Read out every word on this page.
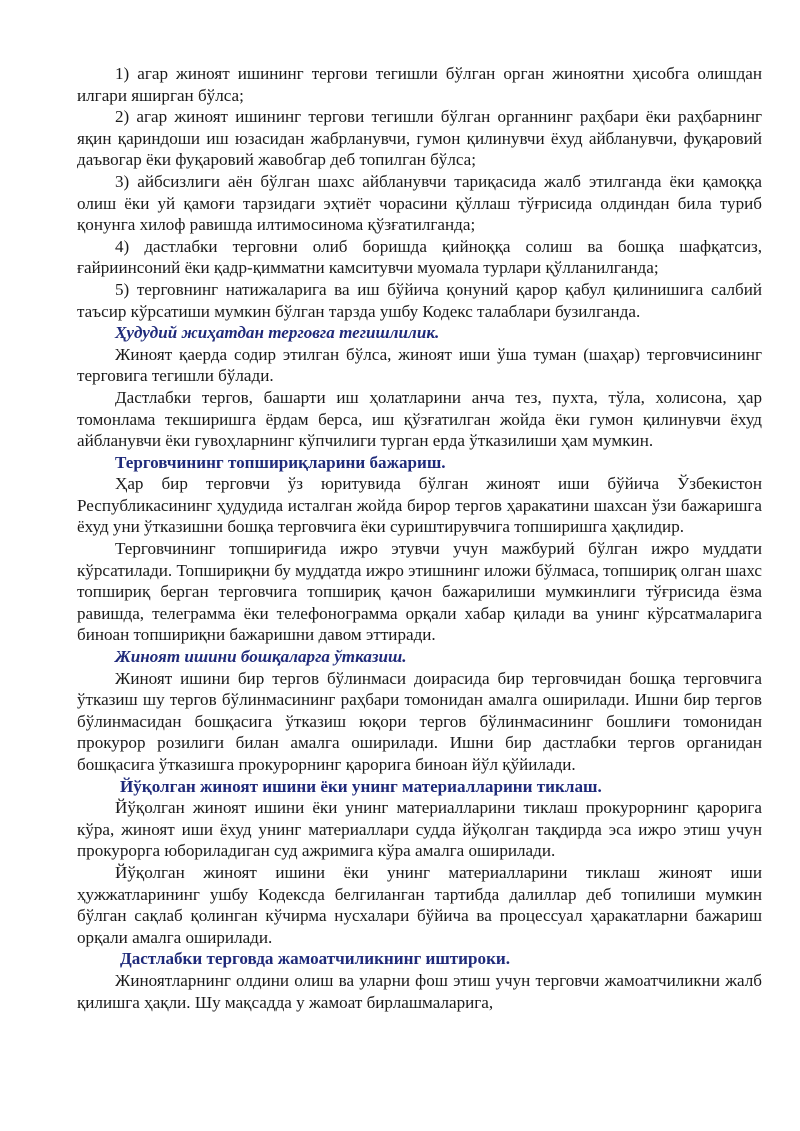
1) агар жиноят ишининг тергови тегишли бўлган орган жиноятни ҳисобга олишдан илгари яширган бўлса;

2) агар жиноят ишининг тергови тегишли бўлган органнинг раҳбари ёки раҳбарнинг яқин қариндоши иш юзасидан жабрланувчи, гумон қилинувчи ёхуд айбланувчи, фуқаровий даъвогар ёки фуқаровий жавобгар деб топилган бўлса;

3) айбсизлиги аён бўлган шахс айбланувчи тариқасида жалб этилганда ёки қамоққа олиш ёки уй қамоғи тарзидаги эҳтиёт чорасини қўллаш тўғрисида олдиндан била туриб қонунга хилоф равишда илтимосинома қўзғатилганда;

4) дастлабки терговни олиб боришда қийноққа солиш ва бошқа шафқатсиз, ғайриинсоний ёки қадр-қимматни камситувчи муомала турлари қўлланилганда;

5) терговнинг натижаларига ва иш бўйича қонуний қарор қабул қилинишига салбий таъсир кўрсатиши мумкин бўлган тарзда ушбу Кодекс талаблари бузилганда.

Ҳудудий жиҳатдан терговга тегишлилик.

Жиноят қаерда содир этилган бўлса, жиноят иши ўша туман (шаҳар) терговчисининг терговига тегишли бўлади.

Дастлабки тергов, башарти иш ҳолатларини анча тез, пухта, тўла, холисона, ҳар томонлама текширишга ёрдам берса, иш қўзғатилган жойда ёки гумон қилинувчи ёхуд айбланувчи ёки гувоҳларнинг кўпчилиги турган ерда ўтказилиши ҳам мумкин.

Терговчининг топшириқларини бажариш.

Ҳар бир терговчи ўз юритувида бўлган жиноят иши бўйича Ўзбекистон Республикасининг ҳудудида исталган жойда бирор тергов ҳаракатини шахсан ўзи бажаришга ёхуд уни ўтказишни бошқа терговчига ёки суриштирувчига топширишга ҳақлидир.

Терговчининг топшириғида ижро этувчи учун мажбурий бўлган ижро муддати кўрсатилади. Топшириқни бу муддатда ижро этишнинг иложи бўлмаса, топшириқ олган шахс топшириқ берган терговчига топшириқ қачон бажарилиши мумкинлиги тўғрисида ёзма равишда, телеграмма ёки телефонограмма орқали хабар қилади ва унинг кўрсатмаларига биноан топшириқни бажаришни давом эттиради.

Жиноят ишини бошқаларга ўтказиш.

Жиноят ишини бир тергов бўлинмаси доирасида бир терговчидан бошқа терговчига ўтказиш шу тергов бўлинмасининг раҳбари томонидан амалга оширилади. Ишни бир тергов бўлинмасидан бошқасига ўтказиш юқори тергов бўлинмасининг бошлиғи томонидан прокурор розилиги билан амалга оширилади. Ишни бир дастлабки тергов органидан бошқасига ўтказишга прокурорнинг қарорига биноан йўл қўйилади.

Йўқолган жиноят ишини ёки унинг материалларини тиклаш.

Йўқолган жиноят ишини ёки унинг материалларини тиклаш прокурорнинг қарорига кўра, жиноят иши ёхуд унинг материаллари судда йўқолган тақдирда эса ижро этиш учун прокурорга юбориладиган суд ажримига кўра амалга оширилади.

Йўқолган жиноят ишини ёки унинг материалларини тиклаш жиноят иши ҳужжатларининг ушбу Кодексда белгиланган тартибда далиллар деб топилиши мумкин бўлган сақлаб қолинган кўчирма нусхалари бўйича ва процессуал ҳаракатларни бажариш орқали амалга оширилади.

Дастлабки терговда жамоатчиликнинг иштироки.

Жиноятларнинг олдини олиш ва уларни фош этиш учун терговчи жамоатчиликни жалб қилишга ҳақли. Шу мақсадда у жамоат бирлашмаларига,
